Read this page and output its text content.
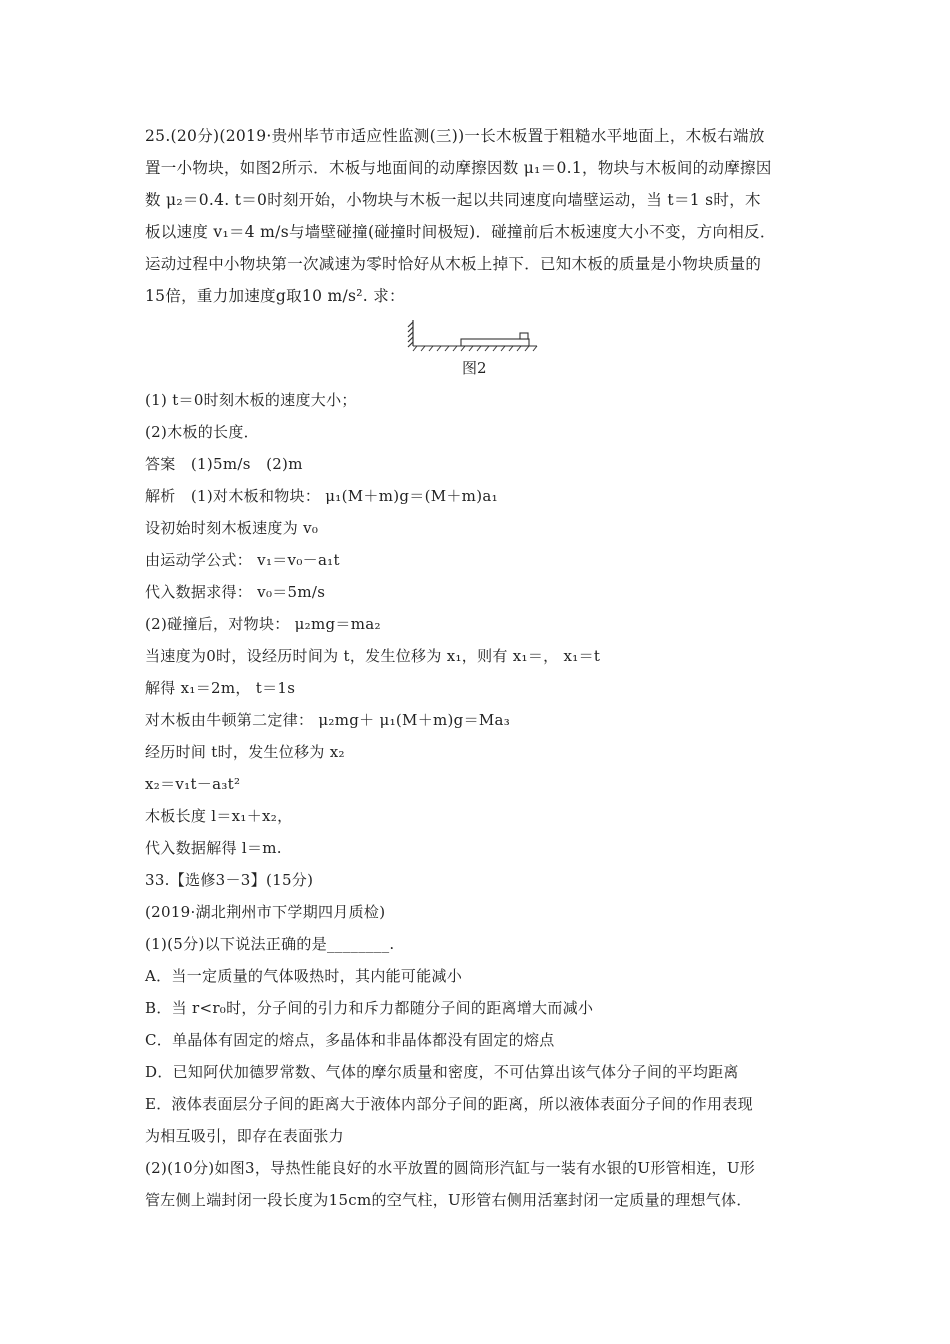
25.(20分)(2019·贵州毕节市适应性监测(三))一长木板置于粗糙水平地面上，木板右端放
置一小物块，如图2所示．木板与地面间的动摩擦因数 μ₁＝0.1，物块与木板间的动摩擦因
数 μ₂＝0.4. t＝0时刻开始，小物块与木板一起以共同速度向墙壁运动，当 t＝1 s时，木
板以速度 v₁＝4 m/s与墙壁碰撞(碰撞时间极短)．碰撞前后木板速度大小不变，方向相反．
运动过程中小物块第一次减速为零时恰好从木板上掉下．已知木板的质量是小物块质量的
15倍，重力加速度g取10 m/s². 求：
图2
(1) t＝0时刻木板的速度大小；
(2)木板的长度．
答案　(1)5m/s　(2)m
解析　(1)对木板和物块： μ₁(M＋m)g＝(M＋m)a₁
设初始时刻木板速度为 v₀
由运动学公式： v₁＝v₀－a₁t
代入数据求得： v₀＝5m/s
(2)碰撞后，对物块： μ₂mg＝ma₂
当速度为0时，设经历时间为 t，发生位移为 x₁，则有 x₁＝， x₁＝t
解得 x₁＝2m， t＝1s
对木板由牛顿第二定律： μ₂mg＋ μ₁(M＋m)g＝Ma₃
经历时间 t时，发生位移为 x₂
x₂＝v₁t－a₃t²
木板长度 l＝x₁＋x₂，
代入数据解得 l＝m.
33.【选修3－3】(15分)
(2019·湖北荆州市下学期四月质检)
(1)(5分)以下说法正确的是________.
A．当一定质量的气体吸热时，其内能可能减小
B．当 r<r₀时，分子间的引力和斥力都随分子间的距离增大而减小
C．单晶体有固定的熔点，多晶体和非晶体都没有固定的熔点
D．已知阿伏加德罗常数、气体的摩尔质量和密度，不可估算出该气体分子间的平均距离
E．液体表面层分子间的距离大于液体内部分子间的距离，所以液体表面分子间的作用表现
为相互吸引，即存在表面张力
(2)(10分)如图3，导热性能良好的水平放置的圆筒形汽缸与一装有水银的U形管相连，U形
管左侧上端封闭一段长度为15cm的空气柱，U形管右侧用活塞封闭一定质量的理想气体．
